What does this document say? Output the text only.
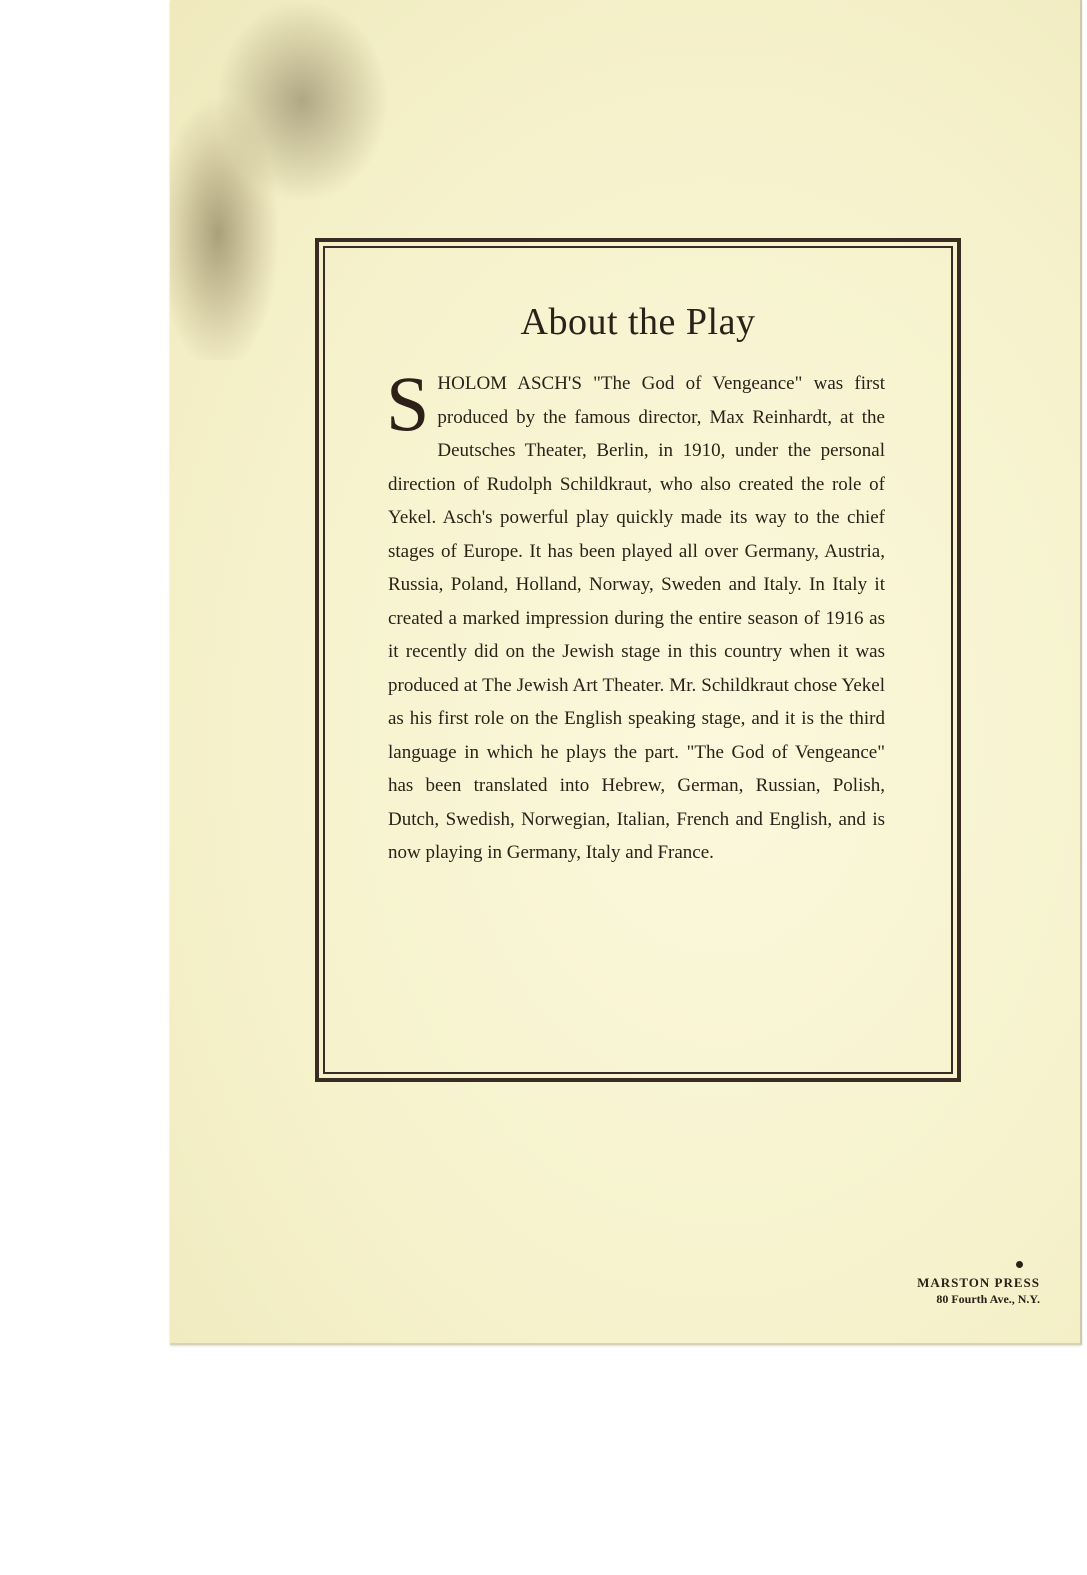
About the Play
SHOLOM ASCH'S "The God of Vengeance" was first produced by the famous director, Max Reinhardt, at the Deutsches Theater, Berlin, in 1910, under the personal direction of Rudolph Schildkraut, who also created the role of Yekel. Asch's powerful play quickly made its way to the chief stages of Europe. It has been played all over Germany, Austria, Russia, Poland, Holland, Norway, Sweden and Italy. In Italy it created a marked impression during the entire season of 1916 as it recently did on the Jewish stage in this country when it was produced at The Jewish Art Theater. Mr. Schildkraut chose Yekel as his first role on the English speaking stage, and it is the third language in which he plays the part. "The God of Vengeance" has been translated into Hebrew, German, Russian, Polish, Dutch, Swedish, Norwegian, Italian, French and English, and is now playing in Germany, Italy and France.
MARSTON PRESS
80 Fourth Ave., N.Y.
